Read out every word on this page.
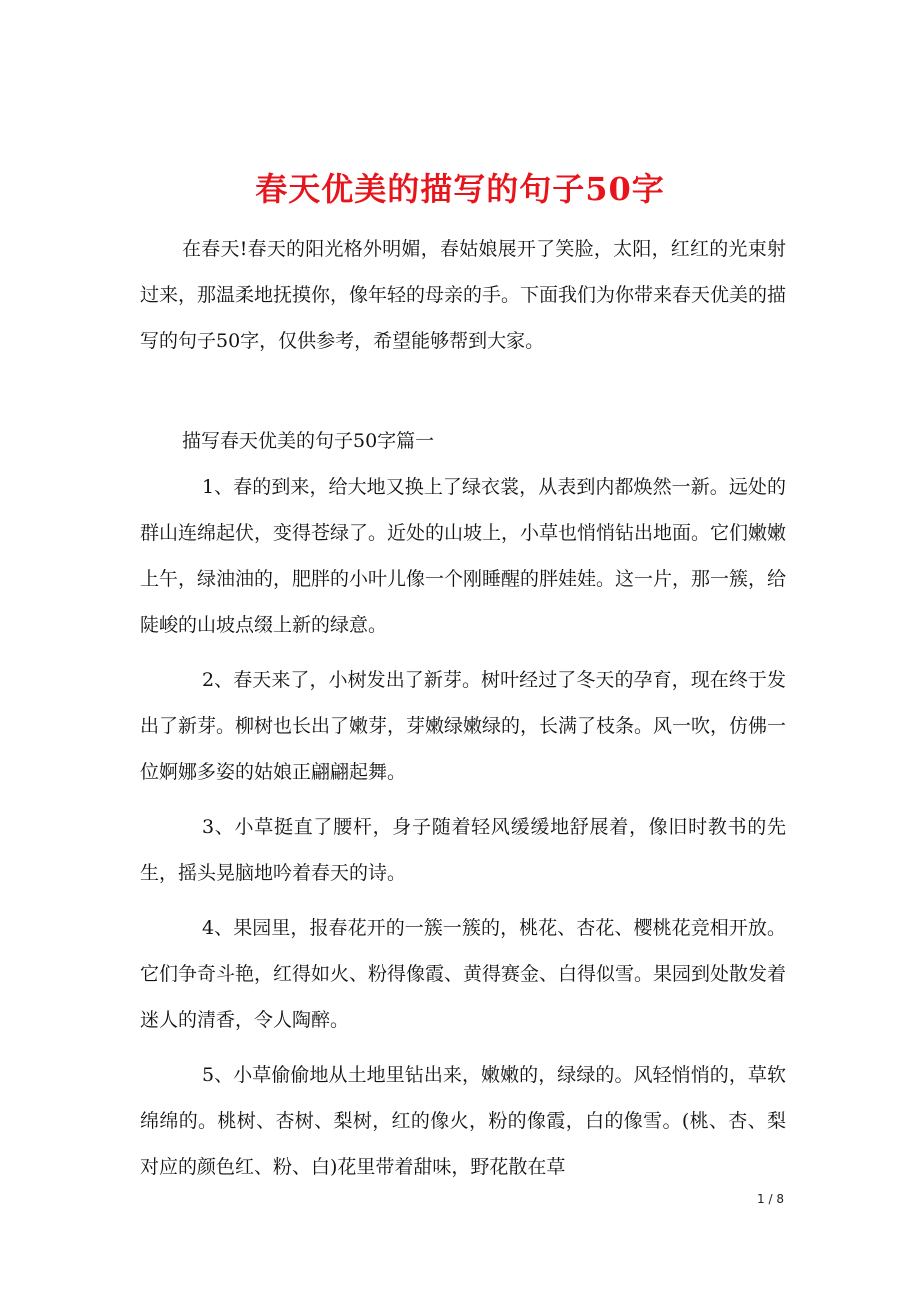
春天优美的描写的句子50字

在春天!春天的阳光格外明媚，春姑娘展开了笑脸，太阳，红红的光束射过来，那温柔地抚摸你，像年轻的母亲的手。下面我们为你带来春天优美的描写的句子50字，仅供参考，希望能够帮到大家。

描写春天优美的句子50字篇一

1、春的到来，给大地又换上了绿衣裳，从表到内都焕然一新。远处的群山连绵起伏，变得苍绿了。近处的山坡上，小草也悄悄钻出地面。它们嫩嫩上午，绿油油的，肥胖的小叶儿像一个刚睡醒的胖娃娃。这一片，那一簇，给陡峻的山坡点缀上新的绿意。

2、春天来了，小树发出了新芽。树叶经过了冬天的孕育，现在终于发出了新芽。柳树也长出了嫩芽，芽嫩绿嫩绿的，长满了枝条。风一吹，仿佛一位婀娜多姿的姑娘正翩翩起舞。

3、小草挺直了腰杆，身子随着轻风缓缓地舒展着，像旧时教书的先生，摇头晃脑地吟着春天的诗。

4、果园里，报春花开的一簇一簇的，桃花、杏花、樱桃花竞相开放。它们争奇斗艳，红得如火、粉得像霞、黄得赛金、白得似雪。果园到处散发着迷人的清香，令人陶醉。

5、小草偷偷地从土地里钻出来，嫩嫩的，绿绿的。风轻悄悄的，草软绵绵的。桃树、杏树、梨树，红的像火，粉的像霞，白的像雪。(桃、杏、梨对应的颜色红、粉、白)花里带着甜味，野花散在草

1 / 8
